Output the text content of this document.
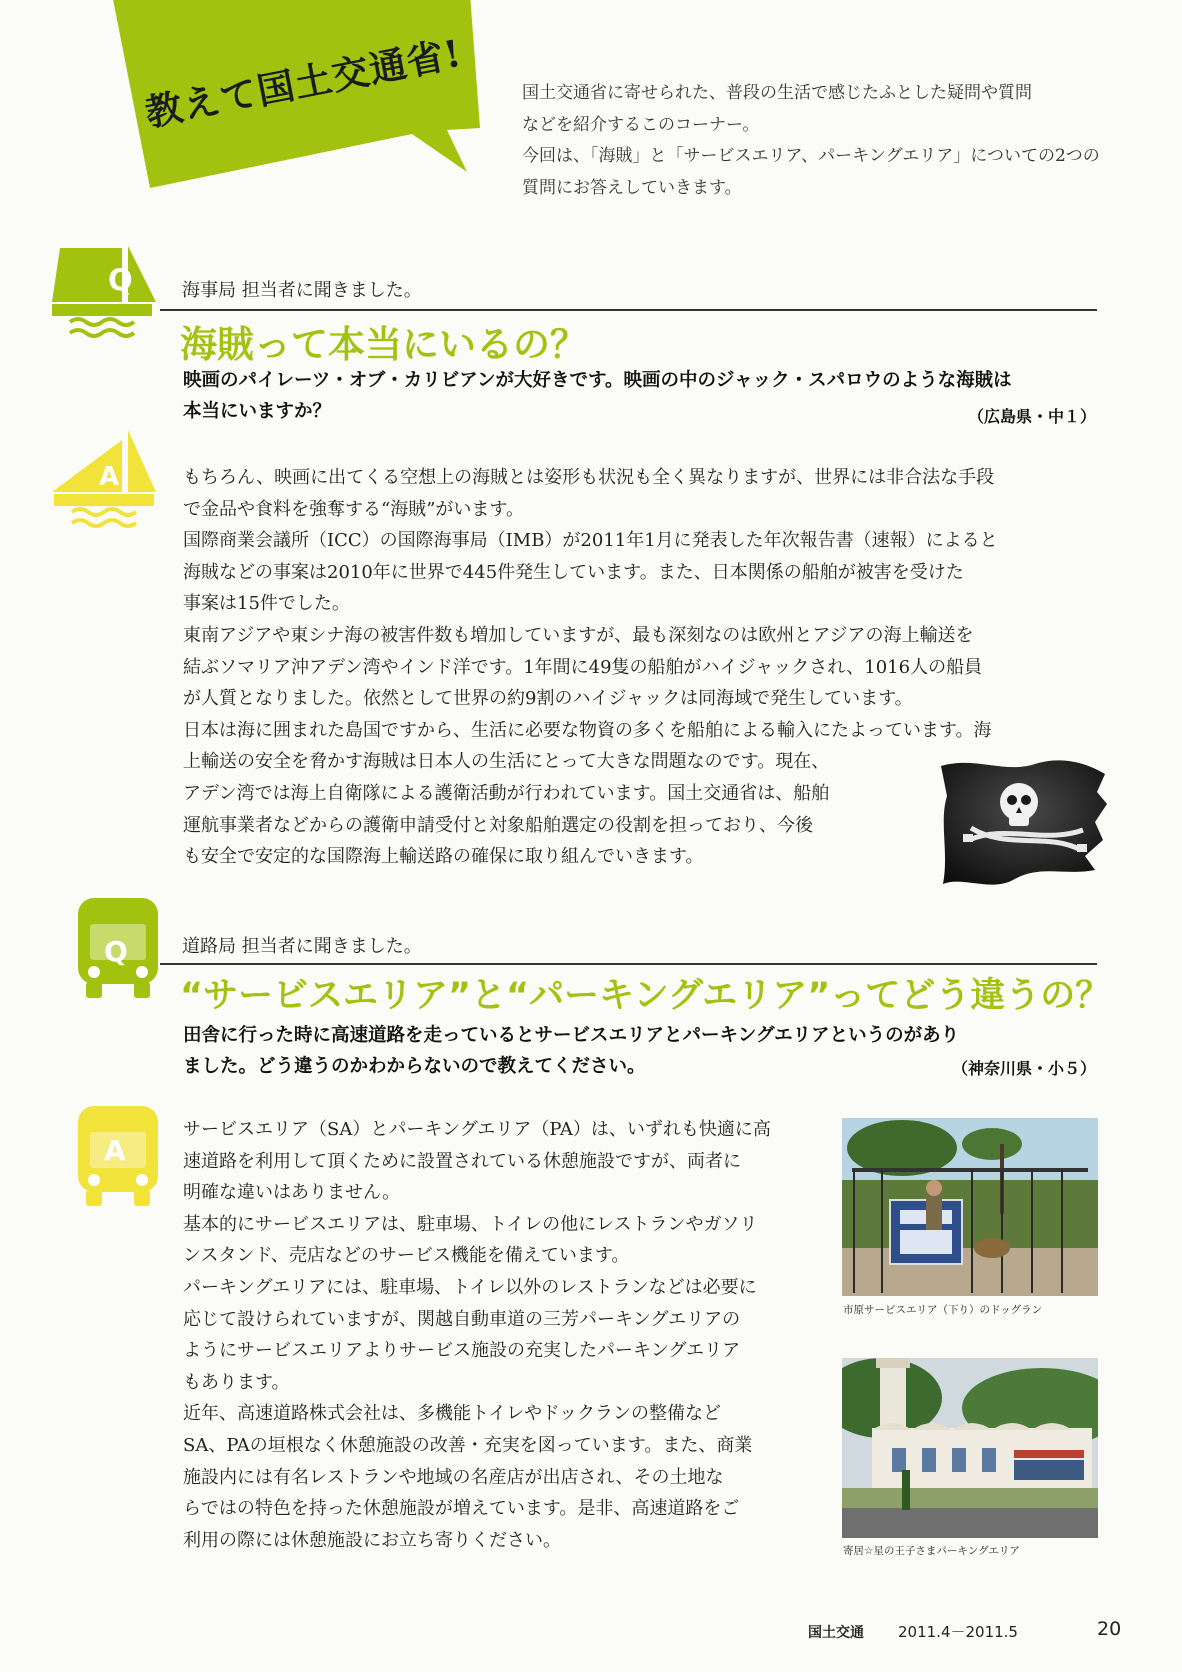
教えて国土交通省!	国土交通省に寄せられた、普段の生活で感じたふとした疑問や質問

などを紹介するこのコーナー。

今回は、「海賊」と「サービスエリア、パーキングエリア」についての2つの

質問にお答えしていきます。

Q	海事局 担当者に聞きました。
海賊って本当にいるの？
映画のパイレーツ・オブ・カリビアンが大好きです。映画の中のジャック・スパロウのような海賊は
本当にいますか？	（広島県・中１）
A	もちろん、映画に出てくる空想上の海賊とは姿形も状況も全く異なりますが、世界には非合法な手段

で金品や食料を強奪する“海賊”がいます。

国際商業会議所（ICC）の国際海事局（IMB）が2011年1月に発表した年次報告書（速報）によると

海賊などの事案は2010年に世界で445件発生しています。また、日本関係の船舶が被害を受けた

事案は15件でした。

東南アジアや東シナ海の被害件数も増加していますが、最も深刻なのは欧州とアジアの海上輸送を

結ぶソマリア沖アデン湾やインド洋です。1年間に49隻の船舶がハイジャックされ、1016人の船員

が人質となりました。依然として世界の約9割のハイジャックは同海域で発生しています。

日本は海に囲まれた島国ですから、生活に必要な物資の多くを船舶による輸入にたよっています。海

上輸送の安全を脅かす海賊は日本人の生活にとって大きな問題なのです。現在、

アデン湾では海上自衛隊による護衛活動が行われています。国土交通省は、船舶

運航事業者などからの護衛申請受付と対象船舶選定の役割を担っており、今後

も安全で安定的な国際海上輸送路の確保に取り組んでいきます。

Q	道路局 担当者に聞きました。
“サービスエリア”と“パーキングエリア”ってどう違うの？
田舎に行った時に高速道路を走っているとサービスエリアとパーキングエリアというのがあり
ました。どう違うのかわからないので教えてください。	（神奈川県・小５）
A

サービスエリア（SA）とパーキングエリア（PA）は、いずれも快適に高

速道路を利用して頂くために設置されている休憩施設ですが、両者に

明確な違いはありません。

基本的にサービスエリアは、駐車場、トイレの他にレストランやガソリ

ンスタンド、売店などのサービス機能を備えています。

パーキングエリアには、駐車場、トイレ以外のレストランなどは必要に

応じて設けられていますが、関越自動車道の三芳パーキングエリアの

ようにサービスエリアよりサービス施設の充実したパーキングエリア

もあります。

近年、高速道路株式会社は、多機能トイレやドックランの整備など

SA、PAの垣根なく休憩施設の改善・充実を図っています。また、商業

施設内には有名レストランや地域の名産店が出店され、その土地な

らではの特色を持った休憩施設が増えています。是非、高速道路をご

利用の際には休憩施設にお立ち寄りください。

市原サービスエリア（下り）のドッグラン
寄居☆星の王子さまパーキングエリア
国土交通 2011.4－2011.5	20
